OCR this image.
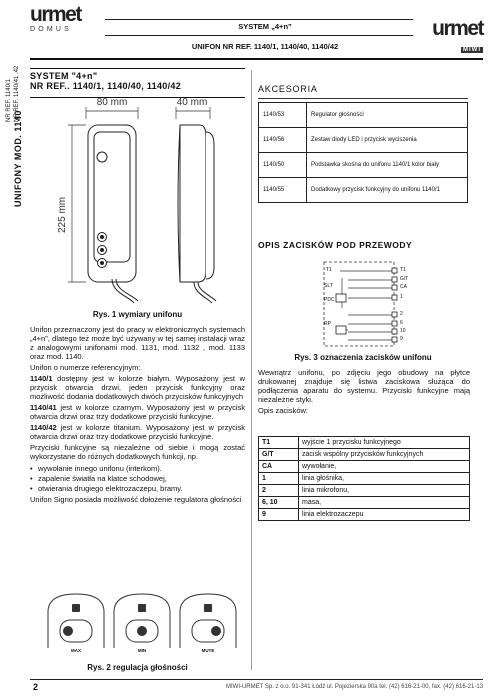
urmet
DOMUS	urmet
MIWI
SYSTEM „4+n”
UNIFON NR REF. 1140/1, 1140/40, 1140/42
NR REF. 1140/1 NR REF. 1140/41 .42
UNIFONY MOD. 1140
SYSTEM "4+n"
NR REF.. 1140/1, 1140/40, 1140/42
80 mm	40 mm
225 mm
Rys. 1 wymiary unifonu

Unifon przeznaczony jest do pracy w elektronicznych systemach „4+n”, dlatego też może być używany w tej samej instalacji wraz z analogowymi unifonami mod. 1131, mod. 1132 , mod. 1133 oraz mod. 1140.

Unifon o numerze referencyjnym:

1140/1 dostępny jest w kolorze białym. Wyposażony jest w przycisk otwarcia drzwi, jeden przycisk funkcyjny oraz możliwość dodania dodatkowych dwóch przycisków funkcyjnych

1140/41 jest w kolorze czarnym. Wyposażony jest w przycisk otwarcia drzwi oraz trzy dodatkowe przyciski funkcyjne.

1140/42 jest w kolorze titanium. Wyposażony jest w przycisk otwarcia drzwi oraz trzy dodatkowe przyciski funkcyjne.

Przyciski funkcyjne są niezależne od siebie i mogą zostać wykorzystane do różnych dodatkowych funkcji, np.

• wywołanie innego unifonu (interkom).
• zapalenie światła na klatce schodowej,
• otwierania drugiego elektrozaczepu, bramy.

Unifon Signo posiada możliwość dołożenie regulatora głośności

MAX	MIN	MUTE
Rys. 2 regulacja głośności
AKCESORIA
1140/53	Regulator głośności
1140/56	Zestaw diody LED i przycisk wyciszenia
1140/50	Podstawka skośna do unifonu 1140/1 kolor biały
1140/55	Dodatkowy przycisk funkcyjny do unifonu 1140/1
OPIS ZACISKÓW POD PRZEWODY
T1
SLT
PDC
RP
T1
G/T
CA
1
2
6
10
9
Rys. 3 oznaczenia zacisków unifonu

Wewnątrz unifonu, po zdjęciu jego obudowy na płytce drukowanej znajduje się listwa zaciskowa służąca do podłączenia aparatu do systemu. Przyciski funkcyjne mają niezależne styki.

Opis zacisków:

T1	wyjście 1 przycisku funkcyjnego
G/T	zacisk wspólny przycisków funkcyjnych
CA	wywołanie,
1	linia głośnika,
2	linia mikrofonu,
6, 10	masa,
9	linia elektrozaczepu
2	MIWI-URMET Sp. z o.o. 91-341 Łódź ul. Pojezierska 90a tel. (42) 616-21-00, fax. (42) 616-21-13
